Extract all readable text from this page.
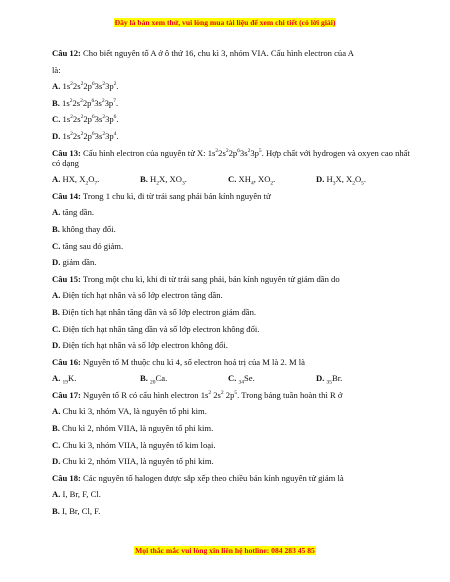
Đây là bản xem thử, vui lòng mua tài liệu để xem chi tiết (có lời giải)
Câu 12: Cho biết nguyên tố A ở ô thứ 16, chu kì 3, nhóm VIA. Cấu hình electron của A
là:
A. $1s^22s^22p^63s^23p^2$.
B. $1s^22s^22p^63s^23p^7$.
C. $1s^22s^22p^63s^23p^6$.
D. $1s^22s^22p^63s^23p^4$.
Câu 13: Cấu hình electron của nguyên tử X: $1s^22s^22p^63s^23p^5$. Hợp chất với hydrogen và oxyen cao nhất có dạng
A. HX, $X_2O_7$.	B. $H_2X$, $XO_3$.	C. $XH_4$, $XO_2$.	D. $H_3X$, $X_2O_5$.
Câu 14: Trong 1 chu kì, đi từ trái sang phải bán kính nguyên tử
A. tăng dần.
B. không thay đổi.
C. tăng sau đó giảm.
D. giảm dần.
Câu 15: Trong một chu kì, khi đi từ trái sang phải, bán kính nguyên tử giảm dần do
A. Điện tích hạt nhân và số lớp electron tăng dần.
B. Điện tích hạt nhân tăng dần và số lớp electron giảm dần.
C. Điện tích hạt nhân tăng dần và số lớp electron không đổi.
D. Điện tích hạt nhân và số lớp electron không đổi.
Câu 16: Nguyên tố M thuộc chu kì 4, số electron hoá trị của M là 2. M là
A. $_{19}$K.	B. $_{20}$Ca.	C. $_{34}$Se.	D. $_{35}$Br.
Câu 17: Nguyên tố R có cấu hình electron $1s^2$ $2s^2$ $2p^5$. Trong bảng tuần hoàn thì R ở
A. Chu kì 3, nhóm VA, là nguyên tố phi kim.
B. Chu kì 2, nhóm VIIA, là nguyên tố phi kim.
C. Chu kì 3, nhóm VIIA, là nguyên tố kim loại.
D. Chu kì 2, nhóm VIIA, là nguyên tố phi kim.
Câu 18: Các nguyên tố halogen được sắp xếp theo chiều bán kính nguyên tử giảm là
A. I, Br, F, Cl.
B. I, Br, Cl, F.
Mọi thắc mắc vui lòng xin liên hệ hotline: 084 283 45 85
